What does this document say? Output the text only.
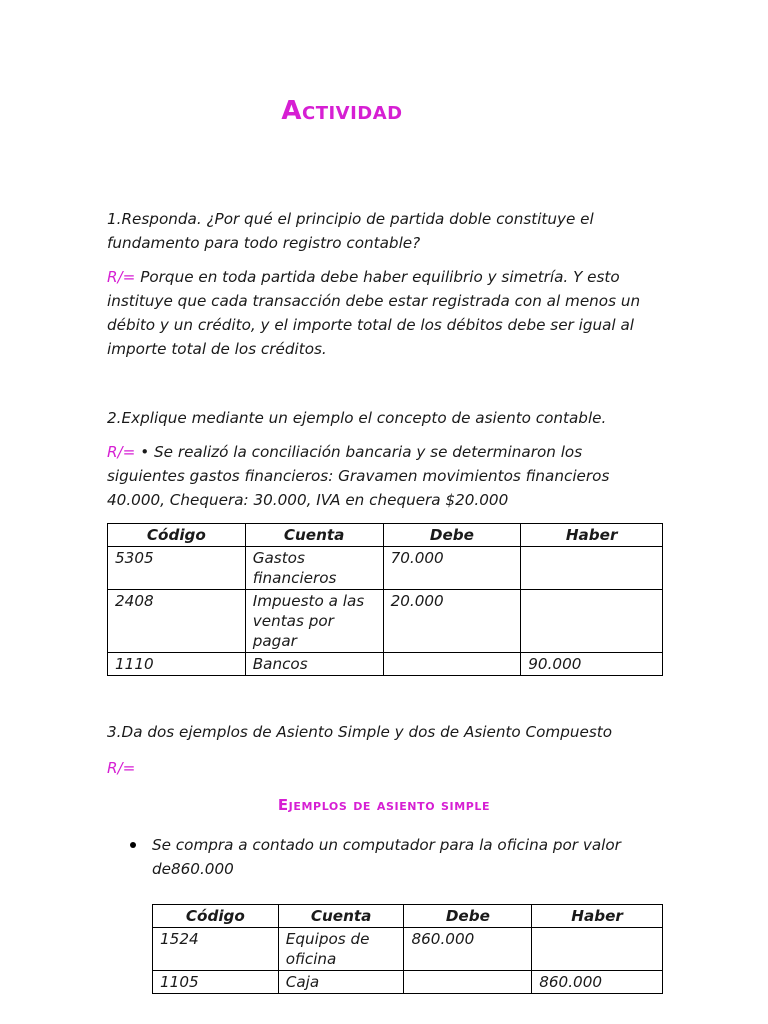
Actividad

1.Responda. ¿Por qué el principio de partida doble constituye el fundamento para todo registro contable?

R/= Porque en toda partida debe haber equilibrio y simetría. Y esto instituye que cada transacción debe estar registrada con al menos un débito y un crédito, y el importe total de los débitos debe ser igual al importe total de los créditos.

2.Explique mediante un ejemplo el concepto de asiento contable.

R/= • Se realizó la conciliación bancaria y se determinaron los siguientes gastos financieros: Gravamen movimientos financieros 40.000, Chequera: 30.000, IVA en chequera $20.000

Código	Cuenta	Debe	Haber
5305	Gastos financieros	70.000	
2408	Impuesto a las ventas por pagar	20.000	
1110	Bancos		90.000

3.Da dos ejemplos de Asiento Simple y dos de Asiento Compuesto

R/=

Ejemplos de asiento simple

Se compra a contado un computador para la oficina por valor de860.000

Código	Cuenta	Debe	Haber
1524	Equipos de oficina	860.000	
1105	Caja		860.000
